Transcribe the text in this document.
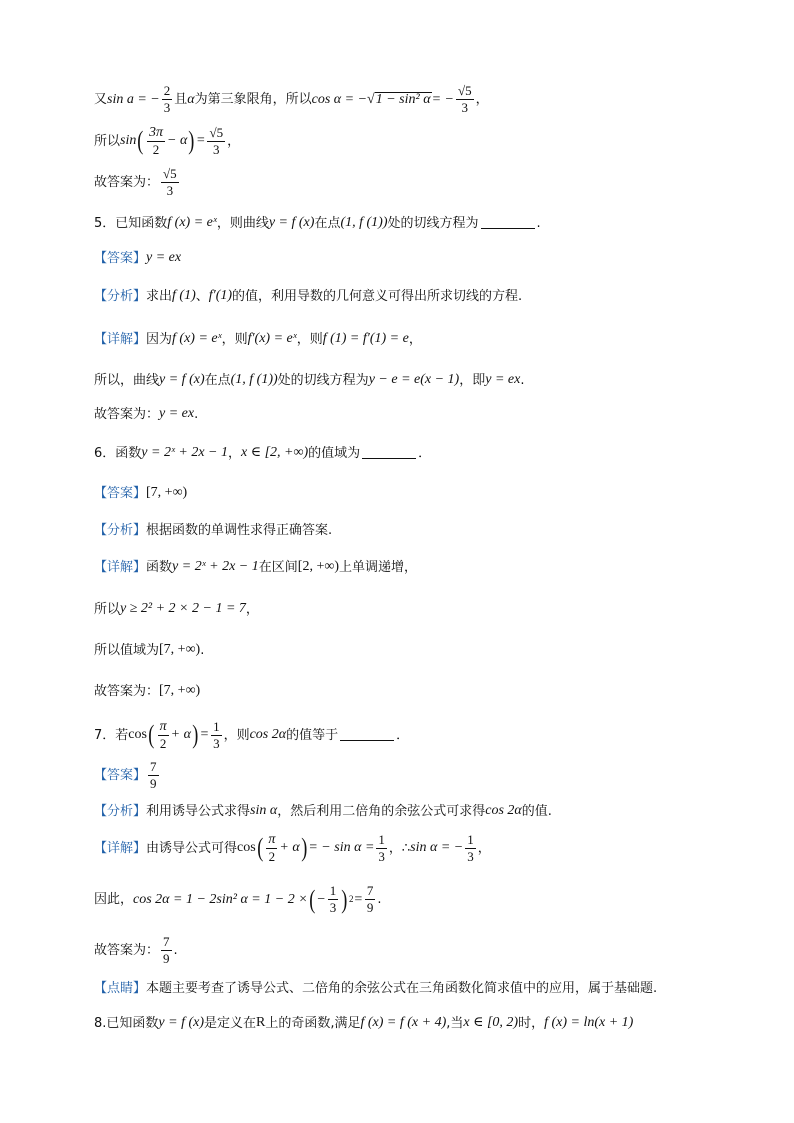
又 sin a = − $\frac{2}{3}$ 且 α 为第三象限角，所以 cos α = − √ 1 − sin² α = − $\frac{√5}{3}$ ，
所以 sin ( $\frac{3\pi}{2} - \alpha$ ) = $\frac{√5}{3}$ ，
故答案为： $\frac{√5}{3}$
5．已知函数 f (x) = eˣ ，则曲线 y = f (x) 在点 (1, f (1)) 处的切线方程为	.
【答案】 y = ex
【分析】 求出 f (1) 、 f′(1) 的值，利用导数的几何意义可得出所求切线的方程.
【详解】 因为 f (x) = eˣ ，则 f′(x) = eˣ ，则 f (1) = f′(1) = e ，
所以，曲线 y = f (x) 在点 (1, f (1)) 处的切线方程为 y − e = e(x − 1) ，即 y = ex .
故答案为： y = ex .
6．函数 y = 2ˣ + 2x − 1 ， x ∈ [2, +∞) 的值域为	．
【答案】 [7, +∞)
【分析】 根据函数的单调性求得正确答案.
【详解】 函数 y = 2ˣ + 2x − 1 在区间 [2, +∞) 上单调递增，
所以 y ≥ 2² + 2 × 2 − 1 = 7 ，
所以值域为 [7, +∞) .
故答案为： [7, +∞)
7．若 cos ( $\frac{\pi}{2} + \alpha$ ) = $\frac{1}{3}$ ，则 cos 2α 的值等于	．
【答案】 $\frac{7}{9}$
【分析】 利用诱导公式求得 sin α ，然后利用二倍角的余弦公式可求得 cos 2α 的值.
【详解】 由诱导公式可得 cos ( $\frac{\pi}{2} + \alpha$ ) = − $\sin \alpha = \frac{1}{3}$ ，∴ sin α = − $\frac{1}{3}$ ，
因此， cos 2α = 1 − 2sin² α = 1 − 2 × ( − $\frac{1}{3}$ ) $2 = \frac{7}{9}$ .
故答案为： $\frac{7}{9}$ .
【点睛】 本题主要考查了诱导公式、二倍角的余弦公式在三角函数化简求值中的应用，属于基础题.
8.已知函数 y = f (x) 是定义在 R 上的奇函数,满足 f (x) = f (x + 4) ,当 x ∈ [0, 2) 时， f (x) = ln(x + 1)
